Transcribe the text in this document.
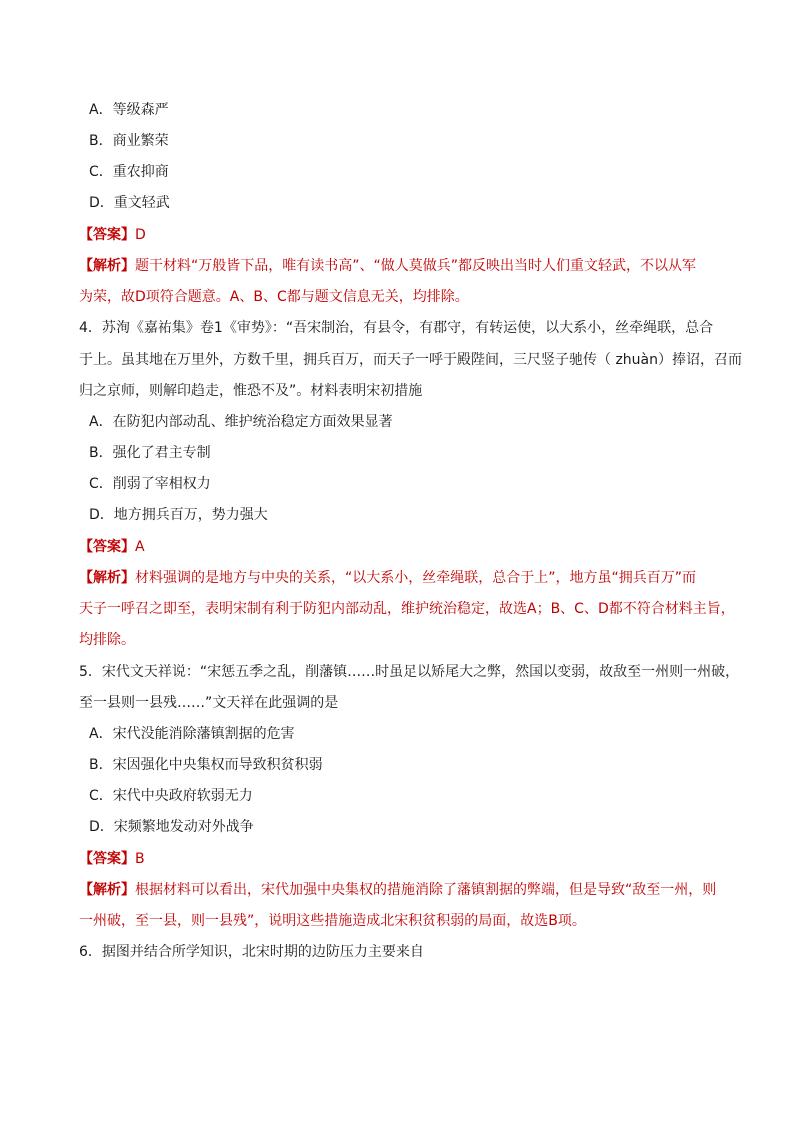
A．等级森严
B．商业繁荣
C．重农抑商
D．重文轻武
【答案】D
【解析】题干材料“万般皆下品，唯有读书高”、“做人莫做兵”都反映出当时人们重文轻武，不以从军
为荣，故D项符合题意。A、B、C都与题文信息无关，均排除。
4．苏洵《嘉祐集》卷1《审势》：“吾宋制治，有县令，有郡守，有转运使，以大系小，丝牵绳联，总合
于上。虽其地在万里外，方数千里，拥兵百万，而天子一呼于殿陛间，三尺竖子驰传（ zhuàn）捧诏，召而
归之京师，则解印趋走，惟恐不及”。材料表明宋初措施
A．在防犯内部动乱、维护统治稳定方面效果显著
B．强化了君主专制
C．削弱了宰相权力
D．地方拥兵百万，势力强大
【答案】A
【解析】材料强调的是地方与中央的关系，“以大系小，丝牵绳联，总合于上”，地方虽“拥兵百万”而
天子一呼召之即至，表明宋制有利于防犯内部动乱，维护统治稳定，故选A；B、C、D都不符合材料主旨，
均排除。
5．宋代文天祥说：“宋惩五季之乱，削藩镇……时虽足以矫尾大之弊，然国以变弱，故敌至一州则一州破，
至一县则一县残……”文天祥在此强调的是
A．宋代没能消除藩镇割据的危害
B．宋因强化中央集权而导致积贫积弱
C．宋代中央政府软弱无力
D．宋频繁地发动对外战争
【答案】B
【解析】根据材料可以看出，宋代加强中央集权的措施消除了藩镇割据的弊端，但是导致“敌至一州，则
一州破，至一县，则一县残”，说明这些措施造成北宋积贫积弱的局面，故选B项。
6．据图并结合所学知识，北宋时期的边防压力主要来自
